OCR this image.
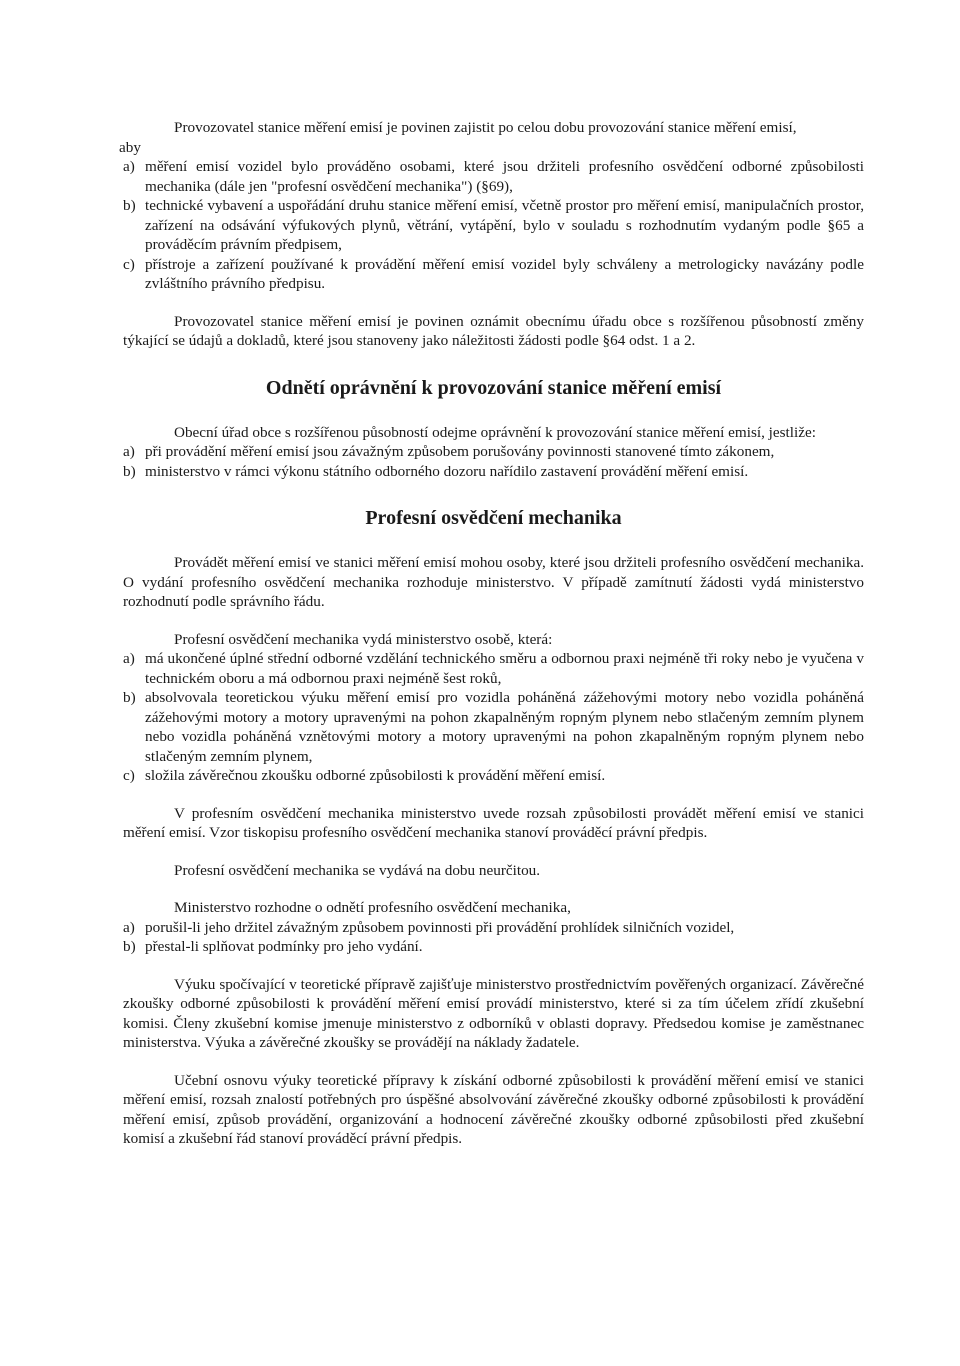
Provozovatel stanice měření emisí je povinen zajistit po celou dobu provozování stanice měření emisí,

aby
a) měření emisí vozidel bylo prováděno osobami, které jsou držiteli profesního osvědčení odborné způsobilosti mechanika (dále jen "profesní osvědčení mechanika") (§69),
b) technické vybavení a uspořádání druhu stanice měření emisí, včetně prostor pro měření emisí, manipulačních prostor, zařízení na odsávání výfukových plynů, větrání, vytápění, bylo v souladu s rozhodnutím vydaným podle §65 a prováděcím právním předpisem,
c) přístroje a zařízení používané k provádění měření emisí vozidel byly schváleny a metrologicky navázány podle zvláštního právního předpisu.

Provozovatel stanice měření emisí je povinen oznámit obecnímu úřadu obce s rozšířenou působností změny týkající se údajů a dokladů, které jsou stanoveny jako náležitosti žádosti podle §64 odst. 1 a 2.

Odnětí oprávnění k provozování stanice měření emisí

Obecní úřad obce s rozšířenou působností odejme oprávnění k provozování stanice měření emisí, jestliže:

a) při provádění měření emisí jsou závažným způsobem porušovány povinnosti stanovené tímto zákonem,
b) ministerstvo v rámci výkonu státního odborného dozoru nařídilo zastavení provádění měření emisí.
Profesní osvědčení mechanika

Provádět měření emisí ve stanici měření emisí mohou osoby, které jsou držiteli profesního osvědčení mechanika. O vydání profesního osvědčení mechanika rozhoduje ministerstvo. V případě zamítnutí žádosti vydá ministerstvo rozhodnutí podle správního řádu.

Profesní osvědčení mechanika vydá ministerstvo osobě, která:

a) má ukončené úplné střední odborné vzdělání technického směru a odbornou praxi nejméně tři roky nebo je vyučena v technickém oboru a má odbornou praxi nejméně šest roků,
b) absolvovala teoretickou výuku měření emisí pro vozidla poháněná zážehovými motory nebo vozidla poháněná zážehovými motory a motory upravenými na pohon zkapalněným ropným plynem nebo stlačeným zemním plynem nebo vozidla poháněná vznětovými motory a motory upravenými na pohon zkapalněným ropným plynem nebo stlačeným zemním plynem,
c) složila závěrečnou zkoušku odborné způsobilosti k provádění měření emisí.

V profesním osvědčení mechanika ministerstvo uvede rozsah způsobilosti provádět měření emisí ve stanici měření emisí. Vzor tiskopisu profesního osvědčení mechanika stanoví prováděcí právní předpis.

Profesní osvědčení mechanika se vydává na dobu neurčitou.

Ministerstvo rozhodne o odnětí profesního osvědčení mechanika,

a) porušil-li jeho držitel závažným způsobem povinnosti při provádění prohlídek silničních vozidel,
b) přestal-li splňovat podmínky pro jeho vydání.

Výuku spočívající v teoretické přípravě zajišťuje ministerstvo prostřednictvím pověřených organizací. Závěrečné zkoušky odborné způsobilosti k provádění měření emisí provádí ministerstvo, které si za tím účelem zřídí zkušební komisi. Členy zkušební komise jmenuje ministerstvo z odborníků v oblasti dopravy. Předsedou komise je zaměstnanec ministerstva. Výuka a závěrečné zkoušky se provádějí na náklady žadatele.

Učební osnovu výuky teoretické přípravy k získání odborné způsobilosti k provádění měření emisí ve stanici měření emisí, rozsah znalostí potřebných pro úspěšné absolvování závěrečné zkoušky odborné způsobilosti k provádění měření emisí, způsob provádění, organizování a hodnocení závěrečné zkoušky odborné způsobilosti před zkušební komisí a zkušební řád stanoví prováděcí právní předpis.
